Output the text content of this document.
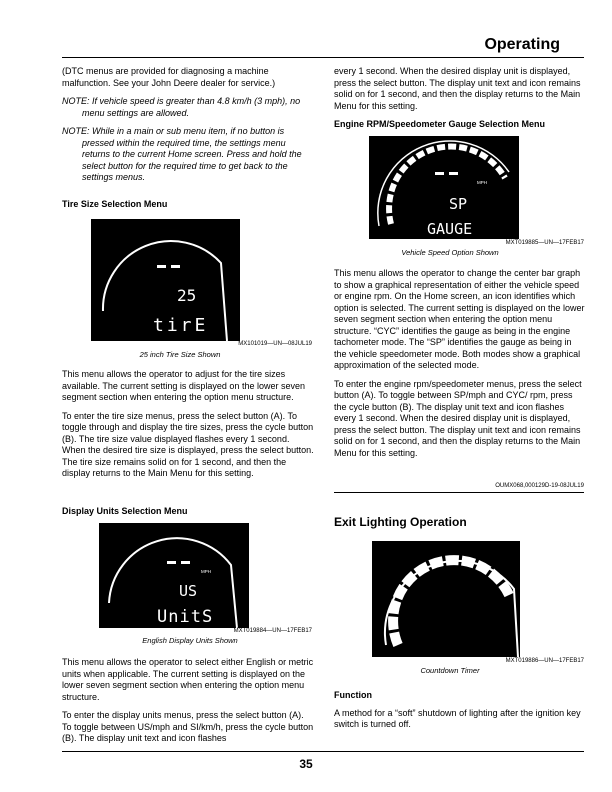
Operating

(DTC menus are provided for diagnosing a machine malfunction. See your John Deere dealer for service.)

NOTE: If vehicle speed is greater than 4.8 km/h (3 mph), no menu settings are allowed.

NOTE: While in a main or sub menu item, if no button is pressed within the required time, the settings menu returns to the current Home screen. Press and hold the select button for the required time to get back to the settings menus.

Tire Size Selection Menu

25
tirE
MX101019—UN—08JUL19
25 inch Tire Size Shown

This menu allows the operator to adjust for the tire sizes available. The current setting is displayed on the lower seven segment section when entering the option menu structure.

To enter the tire size menus, press the select button (A). To toggle through and display the tire sizes, press the cycle button (B). The tire size value displayed flashes every 1 second. When the desired tire size is displayed, press the select button. The tire size remains solid on for 1 second, and then the display returns to the Main Menu for this setting.

Display Units Selection Menu

MPH
US
UnitS
MXT019884—UN—17FEB17
English Display Units Shown

This menu allows the operator to select either English or metric units when applicable. The current setting is displayed on the lower seven segment section when entering the option menu structure.

To enter the display units menus, press the select button (A). To toggle between US/mph and SI/km/h, press the cycle button (B). The display unit text and icon flashes

every 1 second. When the desired display unit is displayed, press the select button. The display unit text and icon remains solid on for 1 second, and then the display returns to the Main Menu for this setting.

Engine RPM/Speedometer Gauge Selection Menu

MPH
SP
GAUGE
MXT019885—UN—17FEB17
Vehicle Speed Option Shown

This menu allows the operator to change the center bar graph to show a graphical representation of either the vehicle speed or engine rpm. On the Home screen, an icon identifies which option is selected. The current setting is displayed on the lower seven segment section when entering the option menu structure. “CYC” identifies the gauge as being in the engine tachometer mode. The “SP” identifies the gauge as being in the vehicle speedometer mode. Both modes show a graphical approximation of the selected mode.

To enter the engine rpm/speedometer menus, press the select button (A). To toggle between SP/mph and CYC/ rpm, press the cycle button (B). The display unit text and icon flashes every 1 second. When the desired display unit is displayed, press the select button. The display unit text and icon remains solid on for 1 second, and then the display returns to the Main Menu for this setting.

OUMX068,000129D-19-08JUL19
Exit Lighting Operation
MXT019886—UN—17FEB17
Countdown Timer

Function

A method for a “soft” shutdown of lighting after the ignition key switch is turned off.

35
